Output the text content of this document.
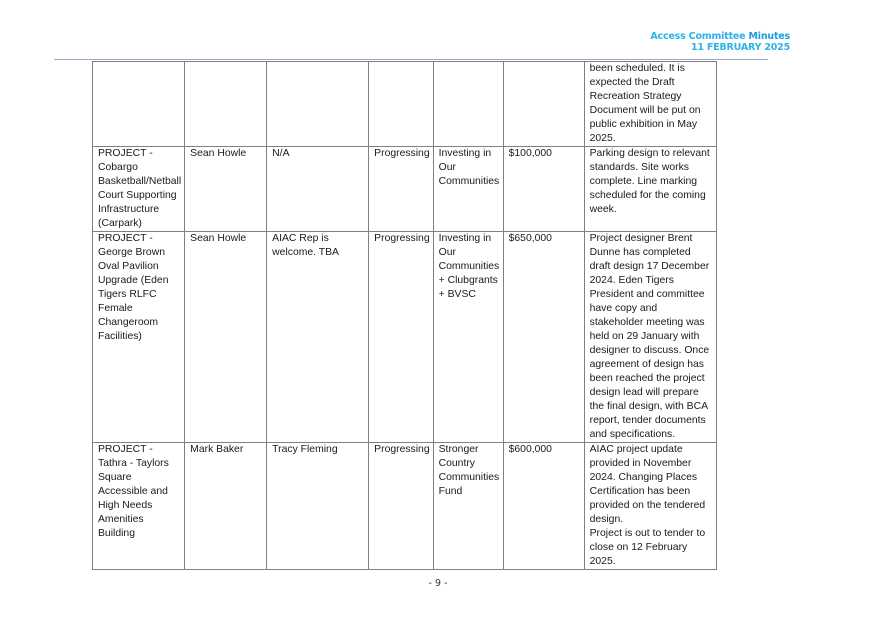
Access Committee Minutes
11 FEBRUARY 2025
						been scheduled. It is expected the Draft Recreation Strategy Document will be put on public exhibition in May 2025.
PROJECT - Cobargo Basketball/Netball Court Supporting Infrastructure (Carpark)	Sean Howle	N/A	Progressing	Investing in Our Communities	$100,000	Parking design to relevant standards. Site works complete. Line marking scheduled for the coming week.
PROJECT - George Brown Oval Pavilion Upgrade (Eden Tigers RLFC Female Changeroom Facilities)	Sean Howle	AIAC Rep is welcome. TBA	Progressing	Investing in Our Communities + Clubgrants + BVSC	$650,000	Project designer Brent Dunne has completed draft design 17 December 2024. Eden Tigers President and committee have copy and stakeholder meeting was held on 29 January with designer to discuss. Once agreement of design has been reached the project design lead will prepare the final design, with BCA report, tender documents and specifications.
PROJECT - Tathra - Taylors Square Accessible and High Needs Amenities Building	Mark Baker	Tracy Fleming	Progressing	Stronger Country Communities Fund	$600,000	AIAC project update provided in November 2024. Changing Places Certification has been provided on the tendered design.
Project is out to tender to close on 12 February 2025.
- 9 -
